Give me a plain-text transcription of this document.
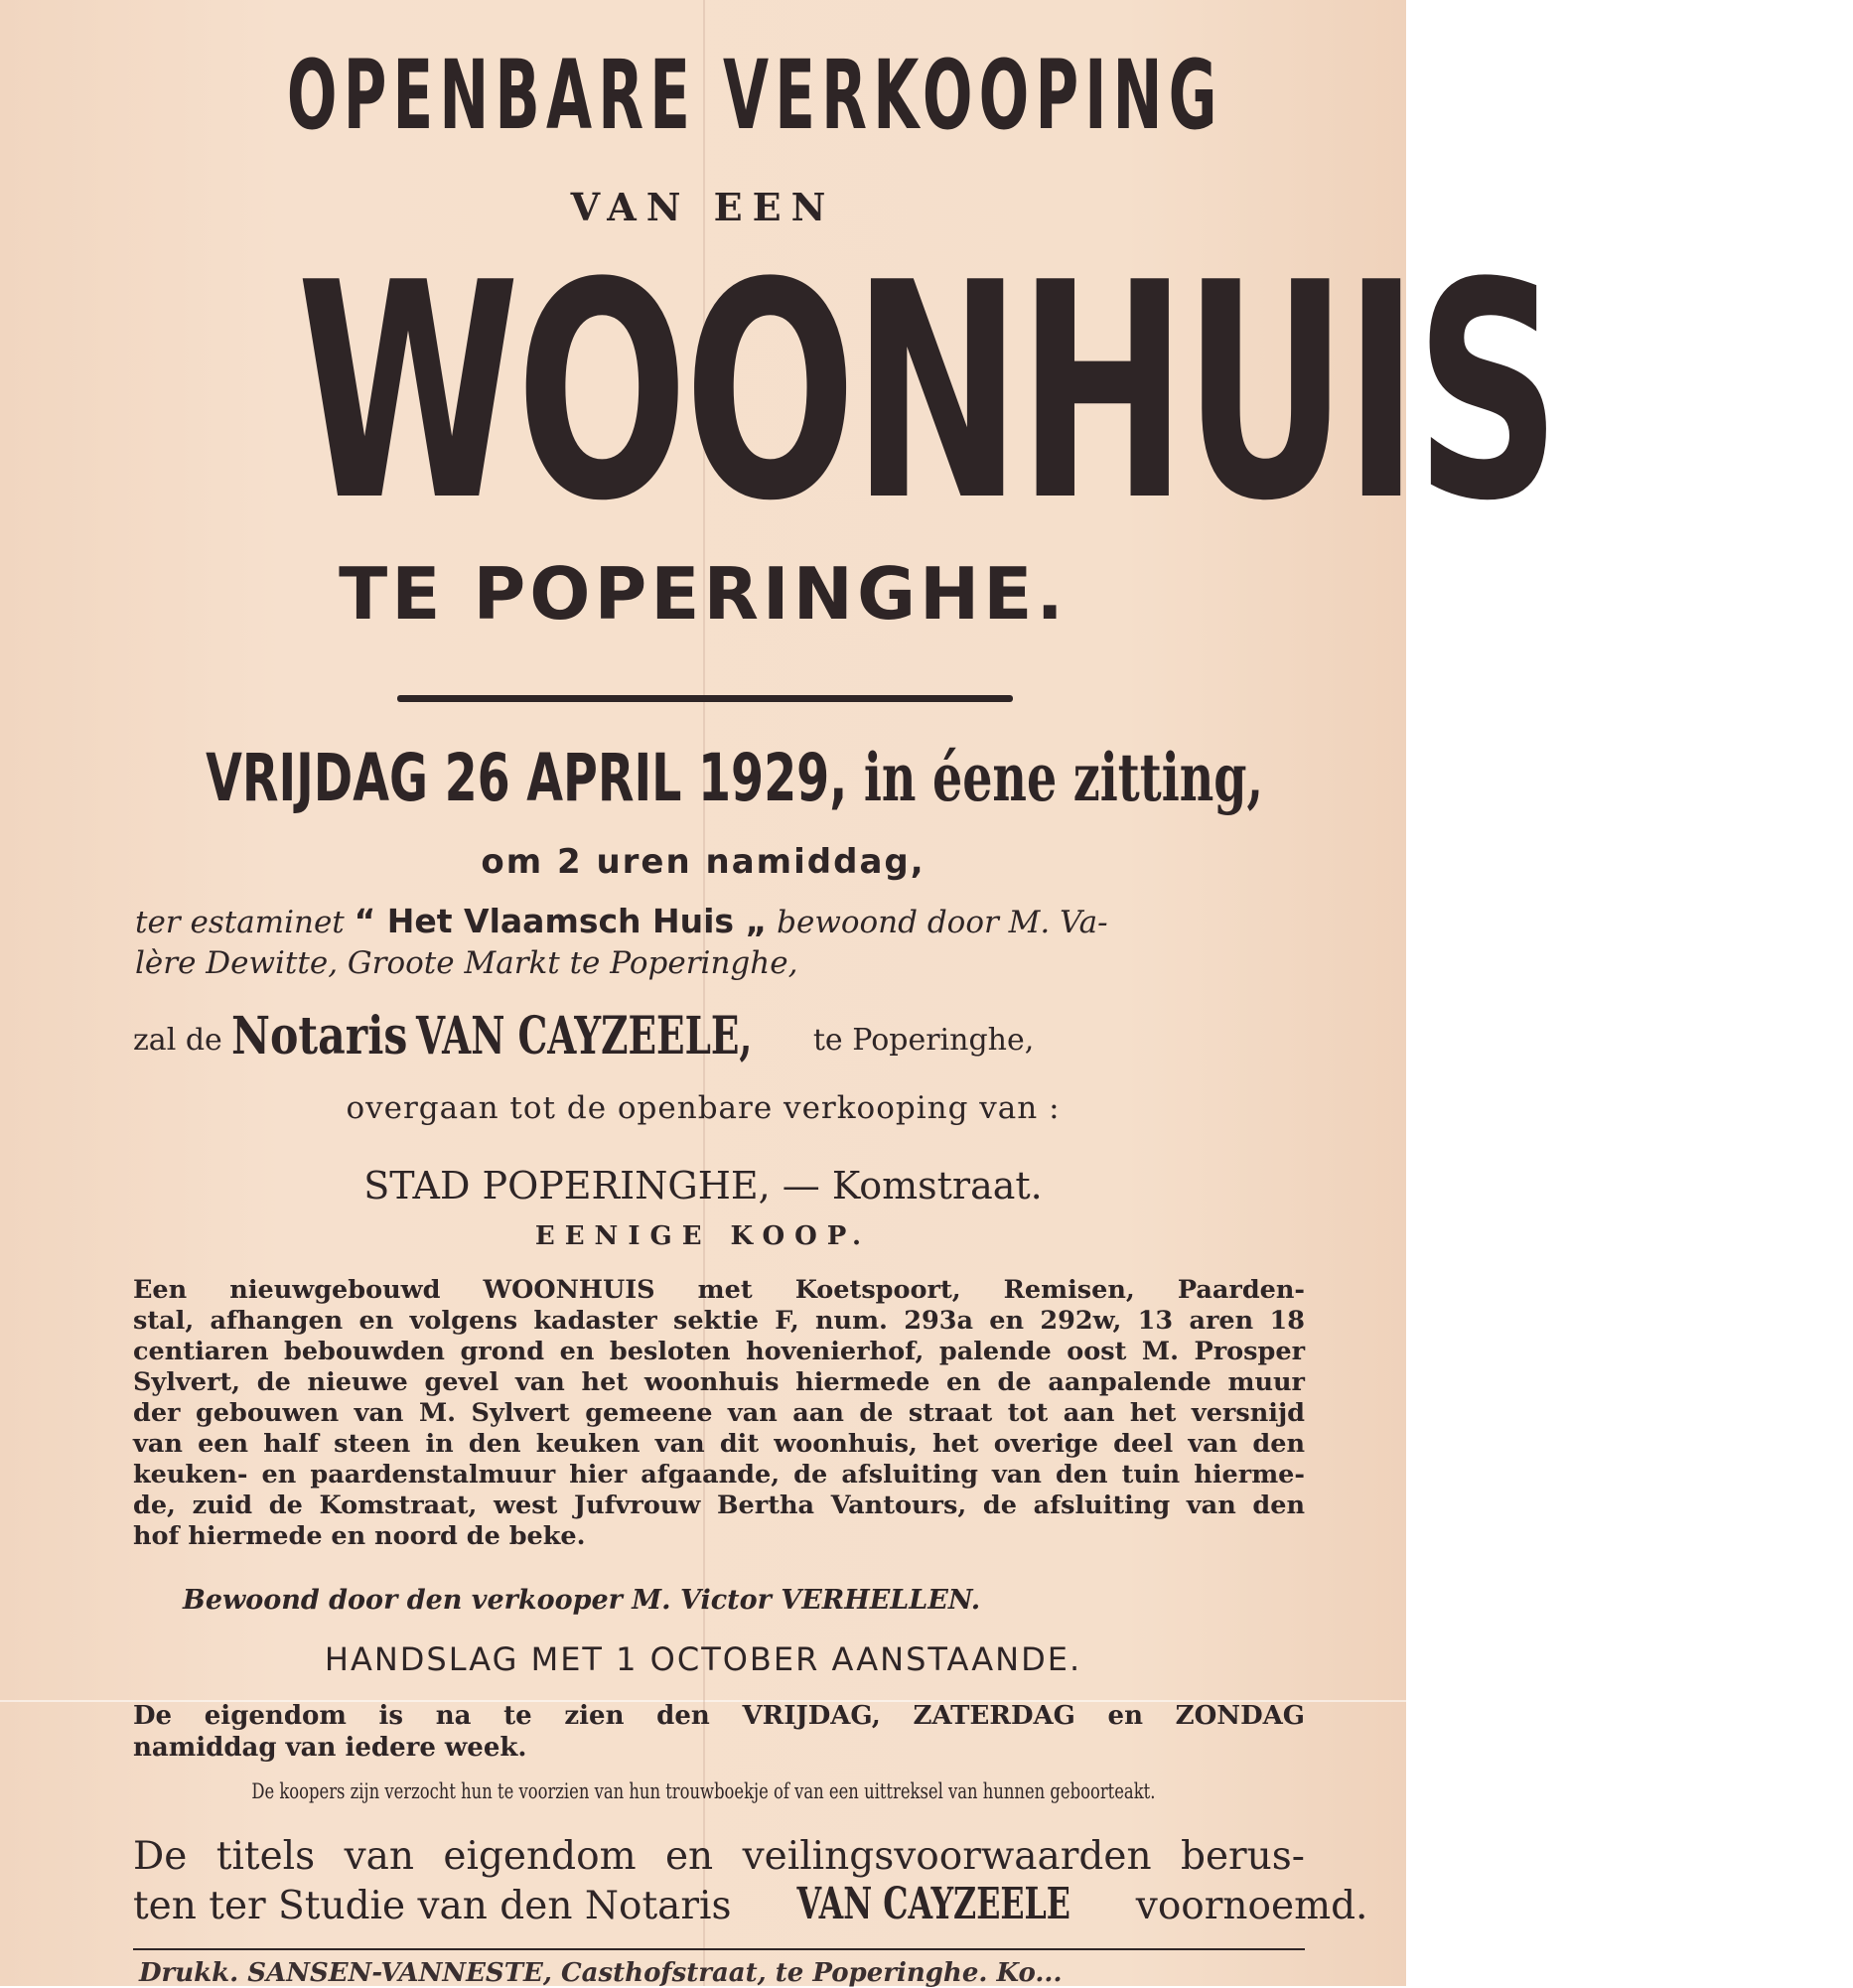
OPENBARE VERKOOPING
VAN EEN
WOONHUIS
TE POPERINGHE.
VRIJDAG 26 APRIL 1929, in éene zitting,
om 2 uren namiddag,
ter estaminet “ Het Vlaamsch Huis „ bewoond door M. Va-
lère Dewitte, Groote Markt te Poperinghe,
zal de Notaris VAN CAYZEELE, te Poperinghe,
overgaan tot de openbare verkooping van :
STAD POPERINGHE, — Komstraat.
EENIGE KOOP.
Een nieuwgebouwd WOONHUIS met Koetspoort, Remisen, Paarden-
stal, afhangen en volgens kadaster sektie F, num. 293a en 292w, 13 aren 18
centiaren bebouwden grond en besloten hovenierhof, palende oost M. Prosper
Sylvert, de nieuwe gevel van het woonhuis hiermede en de aanpalende muur
der gebouwen van M. Sylvert gemeene van aan de straat tot aan het versnijd
van een half steen in den keuken van dit woonhuis, het overige deel van den
keuken- en paardenstalmuur hier afgaande, de afsluiting van den tuin hierme-
de, zuid de Komstraat, west Jufvrouw Bertha Vantours, de afsluiting van den
hof hiermede en noord de beke.
Bewoond door den verkooper M. Victor VERHELLEN.
HANDSLAG MET 1 OCTOBER AANSTAANDE.
De eigendom is na te zien den VRIJDAG, ZATERDAG en ZONDAG
namiddag van iedere week.
De koopers zijn verzocht hun te voorzien van hun trouwboekje of van een uittreksel van hunnen geboorteakt.
De titels van eigendom en veilingsvoorwaarden berus-
ten ter Studie van den Notaris VAN CAYZEELE voornoemd.
Drukk. SANSEN-VANNESTE, Casthofstraat, te Poperinghe. Ko...
